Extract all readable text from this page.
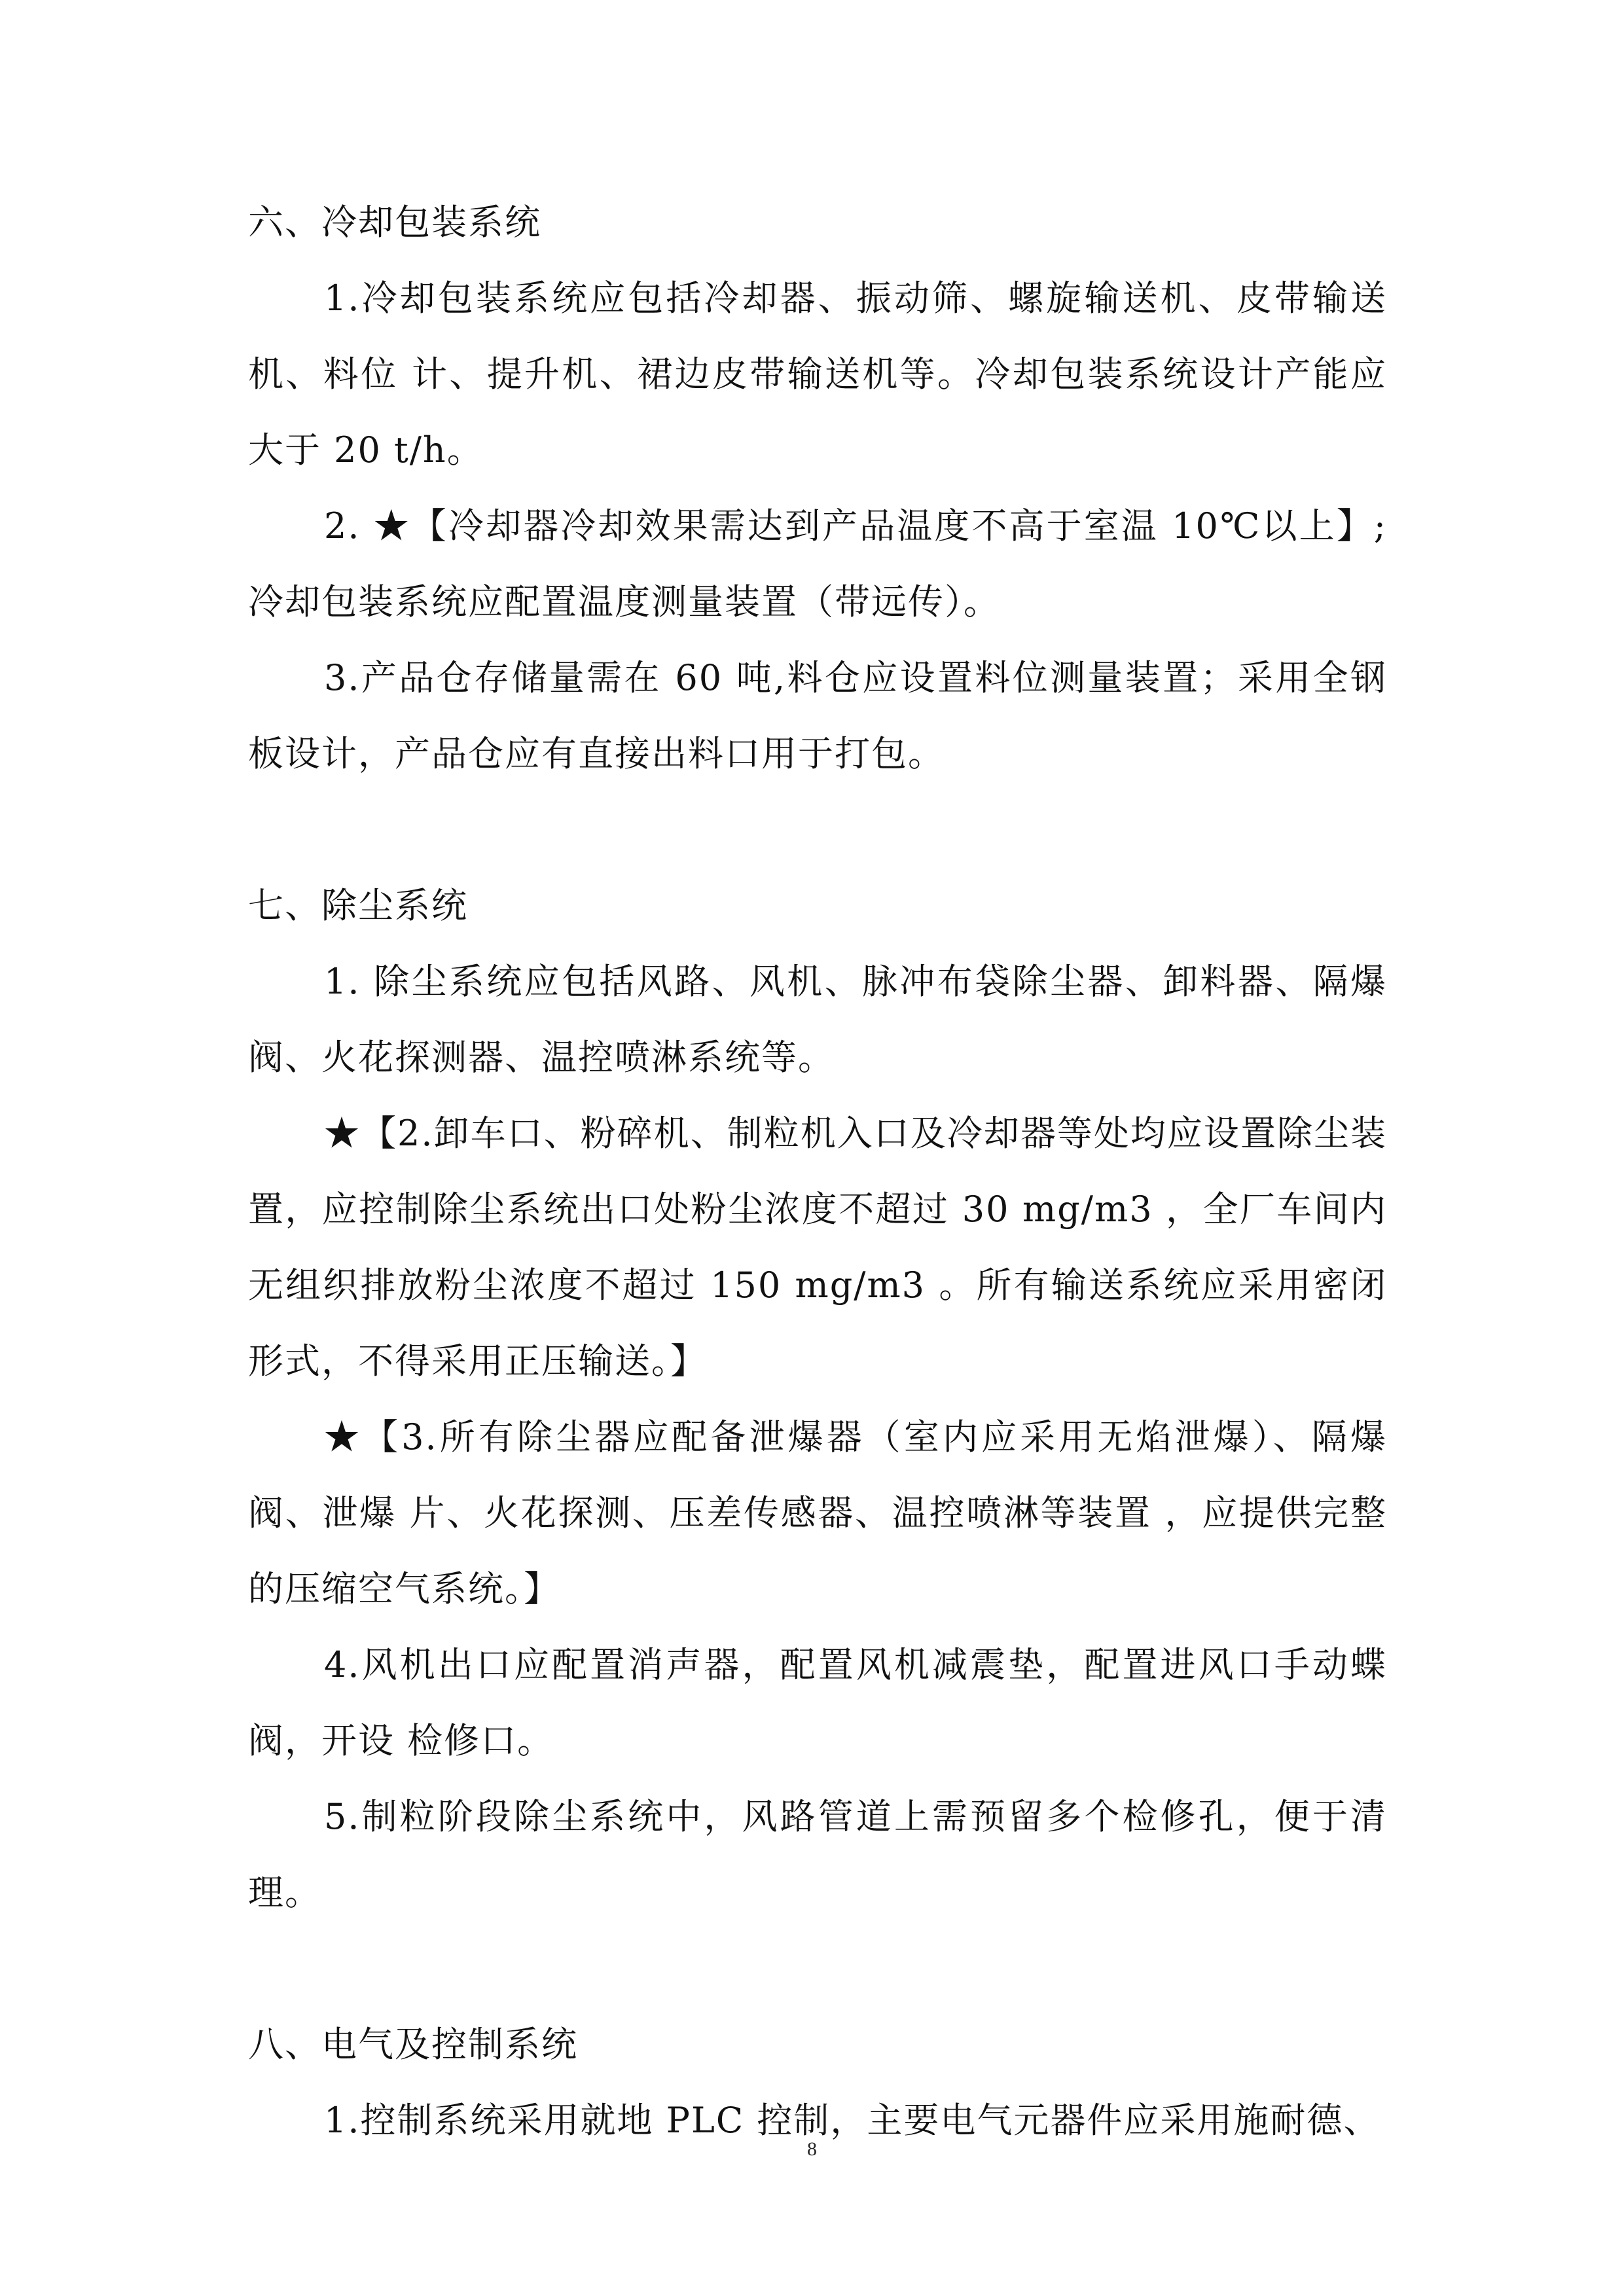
六、冷却包装系统

1.冷却包装系统应包括冷却器、振动筛、螺旋输送机、皮带输送机、料位 计、提升机、裙边皮带输送机等。冷却包装系统设计产能应大于 20 t/h。

2. ★【冷却器冷却效果需达到产品温度不高于室温 10℃以上】;冷却包装系统应配置温度测量装置（带远传）。

3.产品仓存储量需在 60 吨,料仓应设置料位测量装置；采用全钢板设计，产品仓应有直接出料口用于打包。

七、除尘系统

1. 除尘系统应包括风路、风机、脉冲布袋除尘器、卸料器、隔爆阀、火花探测器、温控喷淋系统等。

★【2.卸车口、粉碎机、制粒机入口及冷却器等处均应设置除尘装置，应控制除尘系统出口处粉尘浓度不超过 30 mg/m3 ，全厂车间内无组织排放粉尘浓度不超过 150 mg/m3 。所有输送系统应采用密闭形式，不得采用正压输送。】

★【3.所有除尘器应配备泄爆器（室内应采用无焰泄爆）、隔爆阀、泄爆 片、火花探测、压差传感器、温控喷淋等装置 ，应提供完整的压缩空气系统。】

4.风机出口应配置消声器，配置风机减震垫，配置进风口手动蝶阀，开设 检修口。

5.制粒阶段除尘系统中，风路管道上需预留多个检修孔，便于清理。

八、电气及控制系统

1.控制系统采用就地 PLC 控制，主要电气元器件应采用施耐德、

8
